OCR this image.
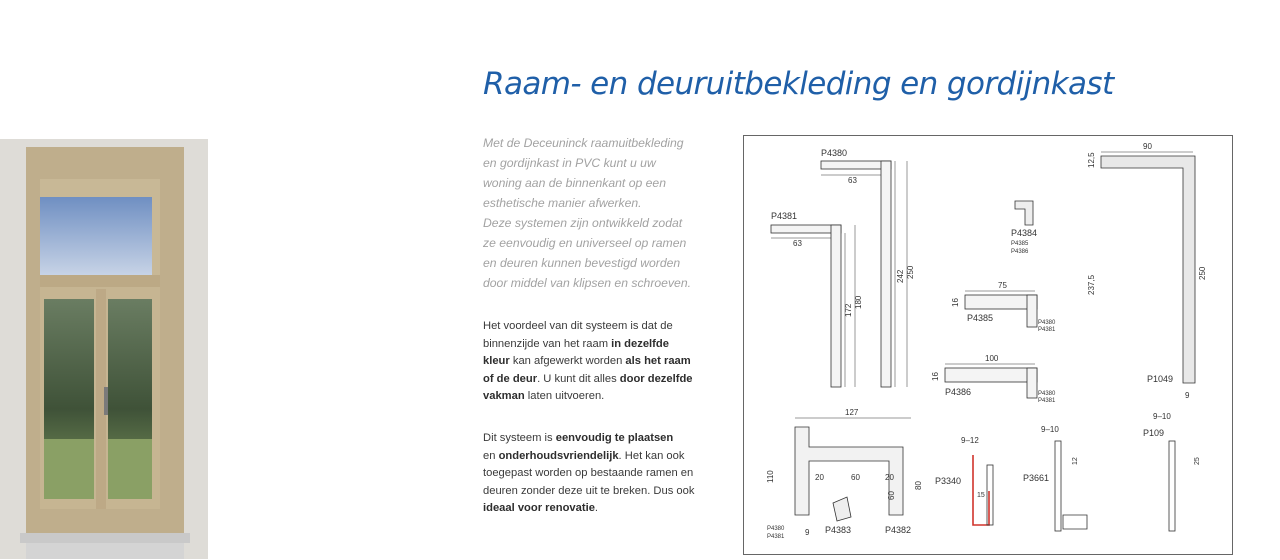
Raam- en deuruitbekleding en gordijnkast
Met de Deceuninck raamuitbekleding
en gordijnkast in PVC kunt u uw
woning aan de binnenkant op een
esthetische manier afwerken.
Deze systemen zijn ontwikkeld zodat
ze eenvoudig en universeel op ramen
en deuren kunnen bevestigd worden
door middel van klipsen en schroeven.
Het voordeel van dit systeem is dat de
binnenzijde van het raam in dezelfde
kleur kan afgewerkt worden als het raam
of de deur. U kunt dit alles door dezelfde
vakman laten uitvoeren.
Dit systeem is eenvoudig te plaatsen
en onderhoudsvriendelijk. Het kan ook
toegepast worden op bestaande ramen en
deuren zonder deze uit te breken. Dus ook
ideaal voor renovatie.
P4380
63
242 250
P4381
63
172
180
P4384
P4385
P4386
75
16
P4385	P4380
P4381
100
16
P4386	P4380
P4381
90
12,5
237,5
250
P1049
9
127
110	20	60	20
60
80
9
P4380
P4381
P4383	P4382
9–12
15
P3340
9–10
12
P3661
9–10
P109
25
